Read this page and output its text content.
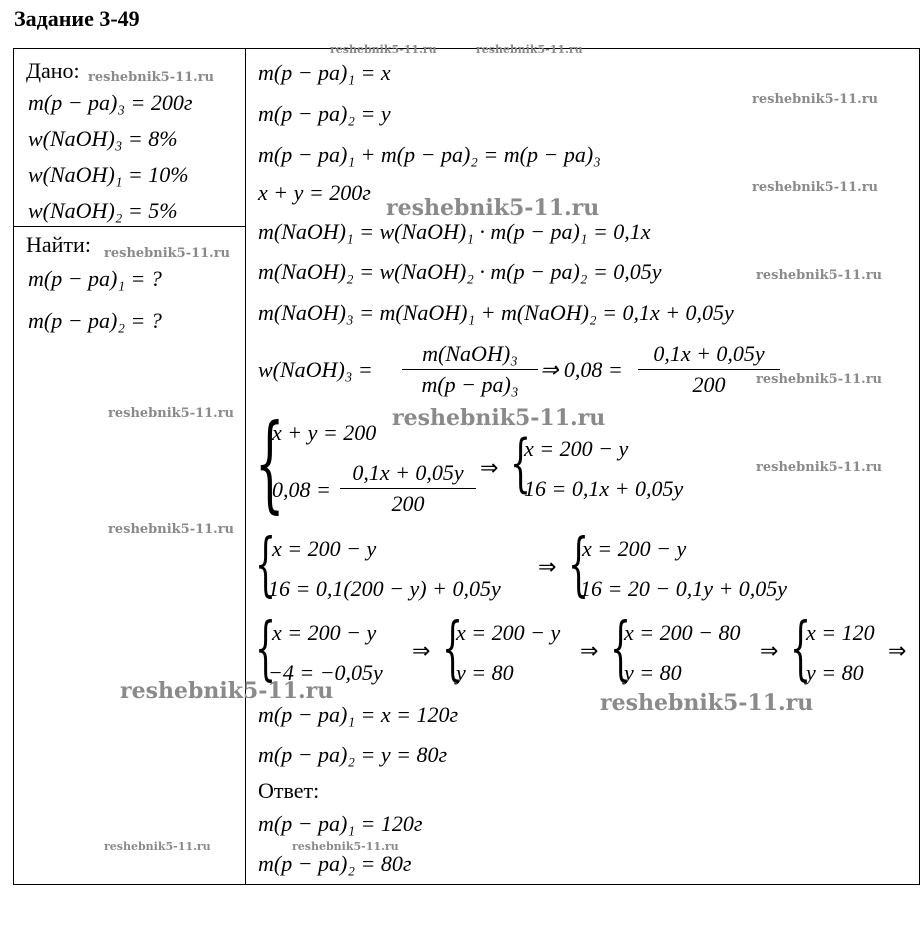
Задание 3-49
Дано:
m(p − pa)₃ = 200г
w(NaOH)₃ = 8%
w(NaOH)₁ = 10%
w(NaOH)₂ = 5%
Найти:
m(p − pa)₁ = ?
m(p − pa)₂ = ?
m(p − pa)₁ = x
m(p − pa)₂ = y
m(p − pa)₁ + m(p − pa)₂ = m(p − pa)₃
x + y = 200г
m(NaOH)₁ = w(NaOH)₁ · m(p − pa)₁ = 0,1x
m(NaOH)₂ = w(NaOH)₂ · m(p − pa)₂ = 0,05y
m(NaOH)₃ = m(NaOH)₁ + m(NaOH)₂ = 0,1x + 0,05y
w(NaOH)₃ =
m(NaOH)₃
m(p − pa)₃
⇒ 0,08 =
0,1x + 0,05y
200
{
x + y = 200
0,08 =
0,1x + 0,05y
200
⇒ {
x = 200 − y
16 = 0,1x + 0,05y
{
x = 200 − y
16 = 0,1(200 − y) + 0,05y
⇒ {
x = 200 − y
16 = 20 − 0,1y + 0,05y
{
x = 200 − y
−4 = −0,05y
⇒ {
x = 200 − y
y = 80
⇒ {
x = 200 − 80
y = 80
⇒ {
x = 120
y = 80
⇒
m(p − pa)₁ = x = 120г
m(p − pa)₂ = y = 80г
Ответ:
m(p − pa)₁ = 120г
m(p − pa)₂ = 80г
reshebnik5-11.ru	reshebnik5-11.ru
reshebnik5-11.ru
reshebnik5-11.ru
reshebnik5-11.ru
reshebnik5-11.ru
reshebnik5-11.ru
reshebnik5-11.ru
reshebnik5-11.ru
reshebnik5-11.ru	reshebnik5-11.ru
reshebnik5-11.ru
reshebnik5-11.ru
reshebnik5-11.ru	reshebnik5-11.ru
reshebnik5-11.ru	reshebnik5-11.ru
